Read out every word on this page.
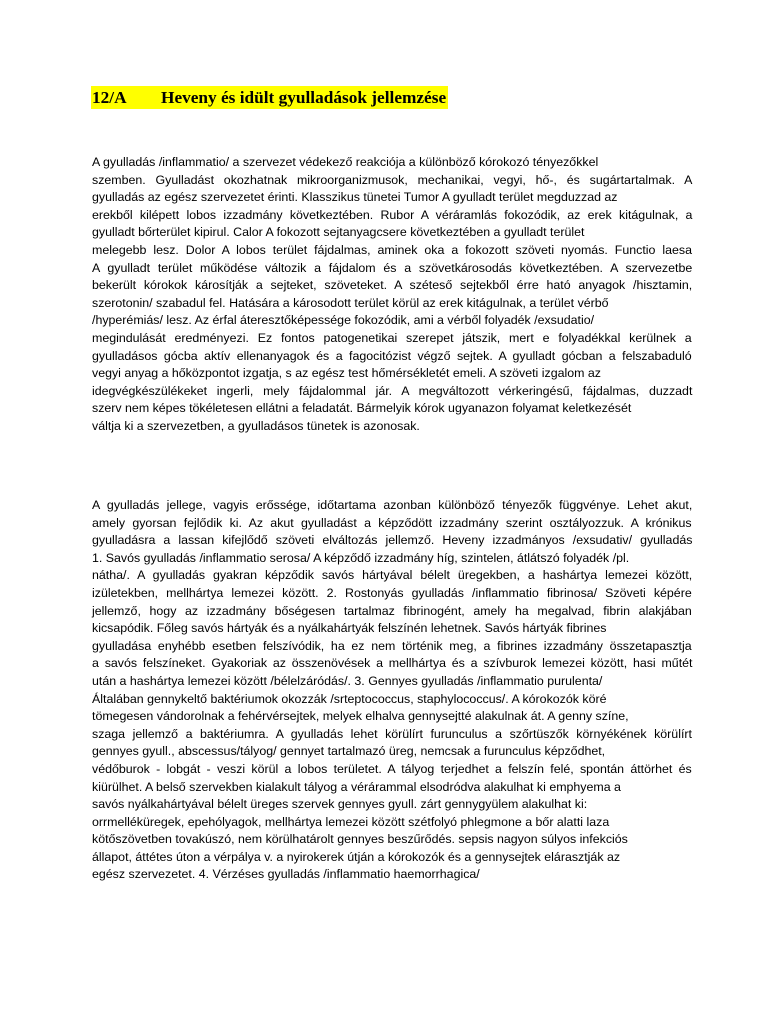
12/A Heveny és idült gyulladások jellemzése
A gyulladás /inflammatio/ a szervezet védekező reakciója a különböző kórokozó tényezőkkel
szemben. Gyulladást okozhatnak mikroorganizmusok, mechanikai, vegyi, hő-, és sugártartalmak. A
gyulladás az egész szervezetet érinti. Klasszikus tünetei Tumor A gyulladt terület megduzzad az
erekből kilépett lobos izzadmány következtében. Rubor A véráramlás fokozódik, az erek kitágulnak, a
gyulladt bőrterület kipirul. Calor A fokozott sejtanyagcsere következtében a gyulladt terület
melegebb lesz. Dolor A lobos terület fájdalmas, aminek oka a fokozott szöveti nyomás. Functio laesa
A gyulladt terület működése változik a fájdalom és a szövetkárosodás következtében. A szervezetbe
bekerült kórokok károsítják a sejteket, szöveteket. A széteső sejtekből érre ható anyagok /hisztamin,
szerotonin/ szabadul fel. Hatására a károsodott terület körül az erek kitágulnak, a terület vérbő
/hyperémiás/ lesz. Az érfal áteresztőképessége fokozódik, ami a vérből folyadék /exsudatio/
megindulását eredményezi. Ez fontos patogenetikai szerepet játszik, mert e folyadékkal kerülnek a
gyulladásos gócba aktív ellenanyagok és a fagocitózist végző sejtek. A gyulladt gócban a felszabaduló
vegyi anyag a hőközpontot izgatja, s az egész test hőmérsékletét emeli. A szöveti izgalom az
idegvégkészülékeket ingerli, mely fájdalommal jár. A megváltozott vérkeringésű, fájdalmas, duzzadt
szerv nem képes tökéletesen ellátni a feladatát. Bármelyik kórok ugyanazon folyamat keletkezését
váltja ki a szervezetben, a gyulladásos tünetek is azonosak.
A gyulladás jellege, vagyis erőssége, időtartama azonban különböző tényezők függvénye. Lehet akut,
amely gyorsan fejlődik ki. Az akut gyulladást a képződött izzadmány szerint osztályozzuk. A krónikus
gyulladásra a lassan kifejlődő szöveti elváltozás jellemző. Heveny izzadmányos /exsudativ/ gyulladás
1. Savós gyulladás /inflammatio serosa/ A képződő izzadmány híg, szintelen, átlátszó folyadék /pl.
nátha/. A gyulladás gyakran képződik savós hártyával bélelt üregekben, a hashártya lemezei között,
izületekben, mellhártya lemezei között. 2. Rostonyás gyulladás /inflammatio fibrinosa/ Szöveti képére
jellemző, hogy az izzadmány bőségesen tartalmaz fibrinogént, amely ha megalvad, fibrin alakjában
kicsapódik. Főleg savós hártyák és a nyálkahártyák felszínén lehetnek. Savós hártyák fibrines
gyulladása enyhébb esetben felszívódik, ha ez nem történik meg, a fibrines izzadmány összetapasztja
a savós felszíneket. Gyakoriak az összenövések a mellhártya és a szívburok lemezei között, hasi műtét
után a hashártya lemezei között /bélelzáródás/. 3. Gennyes gyulladás /inflammatio purulenta/
Általában gennykeltő baktériumok okozzák /srteptococcus, staphylococcus/. A kórokozók köré
tömegesen vándorolnak a fehérvérsejtek, melyek elhalva gennysejtté alakulnak át. A genny színe,
szaga jellemző a baktériumra. A gyulladás lehet körülírt furunculus a szőrtüszők környékének körülírt
gennyes gyull., abscessus/tályog/ gennyet tartalmazó üreg, nemcsak a furunculus képződhet,
védőburok - lobgát - veszi körül a lobos területet. A tályog terjedhet a felszín felé, spontán áttörhet és
kiürülhet. A belső szervekben kialakult tályog a vérárammal elsodródva alakulhat ki emphyema a
savós nyálkahártyával bélelt üreges szervek gennyes gyull. zárt gennygyülem alakulhat ki:
orrmelléküregek, epehólyagok, mellhártya lemezei között szétfolyó phlegmone a bőr alatti laza
kötőszövetben tovakúszó, nem körülhatárolt gennyes beszűrődés. sepsis nagyon súlyos infekciós
állapot, áttétes úton a vérpálya v. a nyirokerek útján a kórokozók és a gennysejtek elárasztják az
egész szervezetet. 4. Vérzéses gyulladás /inflammatio haemorrhagica/
